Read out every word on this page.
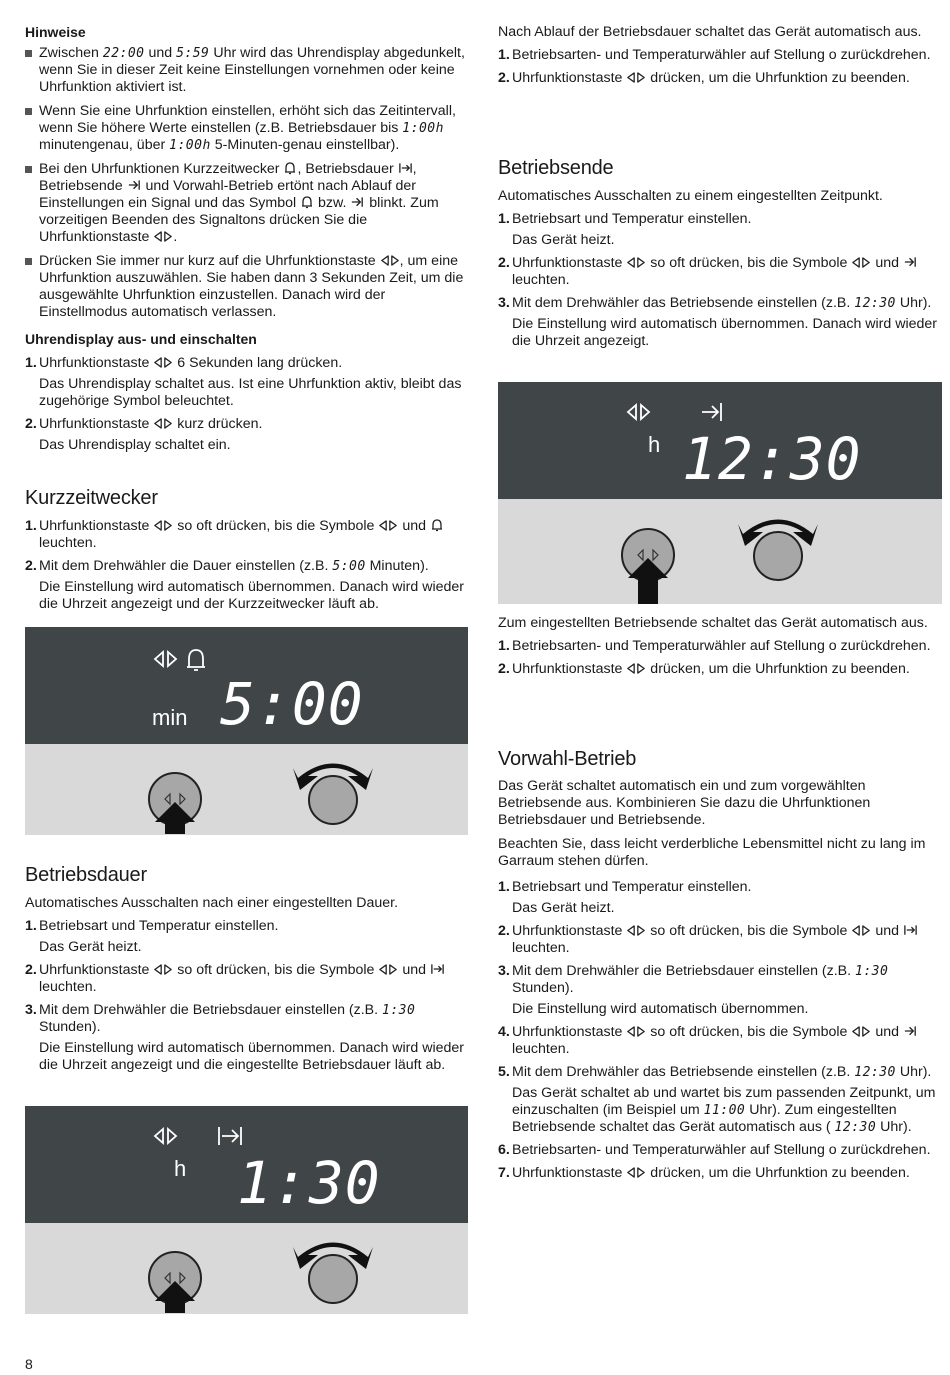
Hinweise
Zwischen 22:00 und 5:59 Uhr wird das Uhrendisplay abgedunkelt, wenn Sie in dieser Zeit keine Einstellungen vornehmen oder keine Uhrfunktion aktiviert ist.
Wenn Sie eine Uhrfunktion einstellen, erhöht sich das Zeitintervall, wenn Sie höhere Werte einstellen (z.B. Betriebsdauer bis 1:00h minutengenau, über 1:00h 5-Minuten-genau einstellbar).
Bei den Uhrfunktionen Kurzzeitwecker , Betriebsdauer , Betriebsende  und Vorwahl-Betrieb ertönt nach Ablauf der Einstellungen ein Signal und das Symbol  bzw.  blinkt. Zum vorzeitigen Beenden des Signaltons drücken Sie die Uhrfunktionstaste .
Drücken Sie immer nur kurz auf die Uhrfunktionstaste , um eine Uhrfunktion auszuwählen. Sie haben dann 3 Sekunden Zeit, um die ausgewählte Uhrfunktion einzustellen. Danach wird der Einstellmodus automatisch verlassen.
Uhrendisplay aus- und einschalten
1. Uhrfunktionstaste  6 Sekunden lang drücken.
Das Uhrendisplay schaltet aus. Ist eine Uhrfunktion aktiv, bleibt das zugehörige Symbol beleuchtet.
2. Uhrfunktionstaste  kurz drücken.
Das Uhrendisplay schaltet ein.
Kurzzeitwecker
1. Uhrfunktionstaste  so oft drücken, bis die Symbole  und  leuchten.
2. Mit dem Drehwähler die Dauer einstellen (z.B. 5:00 Minuten).
Die Einstellung wird automatisch übernommen. Danach wird wieder die Uhrzeit angezeigt und der Kurzzeitwecker läuft ab.
min 5:00
Betriebsdauer

Automatisches Ausschalten nach einer eingestellten Dauer.

1. Betriebsart und Temperatur einstellen.
Das Gerät heizt.
2. Uhrfunktionstaste  so oft drücken, bis die Symbole  und  leuchten.
3. Mit dem Drehwähler die Betriebsdauer einstellen (z.B. 1:30 Stunden).
Die Einstellung wird automatisch übernommen. Danach wird wieder die Uhrzeit angezeigt und die eingestellte Betriebsdauer läuft ab.
h 1:30

Nach Ablauf der Betriebsdauer schaltet das Gerät automatisch aus.

1. Betriebsarten- und Temperaturwähler auf Stellung o zurückdrehen.
2. Uhrfunktionstaste  drücken, um die Uhrfunktion zu beenden.
Betriebsende

Automatisches Ausschalten zu einem eingestellten Zeitpunkt.

1. Betriebsart und Temperatur einstellen.
Das Gerät heizt.
2. Uhrfunktionstaste  so oft drücken, bis die Symbole  und  leuchten.
3. Mit dem Drehwähler das Betriebsende einstellen (z.B. 12:30 Uhr).
Die Einstellung wird automatisch übernommen. Danach wird wieder die Uhrzeit angezeigt.
h 12:30

Zum eingestellten Betriebsende schaltet das Gerät automatisch aus.

1. Betriebsarten- und Temperaturwähler auf Stellung o zurückdrehen.
2. Uhrfunktionstaste  drücken, um die Uhrfunktion zu beenden.
Vorwahl-Betrieb

Das Gerät schaltet automatisch ein und zum vorgewählten Betriebsende aus. Kombinieren Sie dazu die Uhrfunktionen Betriebsdauer und Betriebsende.

Beachten Sie, dass leicht verderbliche Lebensmittel nicht zu lang im Garraum stehen dürfen.

1. Betriebsart und Temperatur einstellen.
Das Gerät heizt.
2. Uhrfunktionstaste  so oft drücken, bis die Symbole  und  leuchten.
3. Mit dem Drehwähler die Betriebsdauer einstellen (z.B. 1:30 Stunden).
Die Einstellung wird automatisch übernommen.
4. Uhrfunktionstaste  so oft drücken, bis die Symbole  und  leuchten.
5. Mit dem Drehwähler das Betriebsende einstellen (z.B. 12:30 Uhr).
Das Gerät schaltet ab und wartet bis zum passenden Zeitpunkt, um einzuschalten (im Beispiel um 11:00 Uhr). Zum eingestellten Betriebsende schaltet das Gerät automatisch aus ( 12:30 Uhr).
6. Betriebsarten- und Temperaturwähler auf Stellung o zurückdrehen.
7. Uhrfunktionstaste  drücken, um die Uhrfunktion zu beenden.
8
